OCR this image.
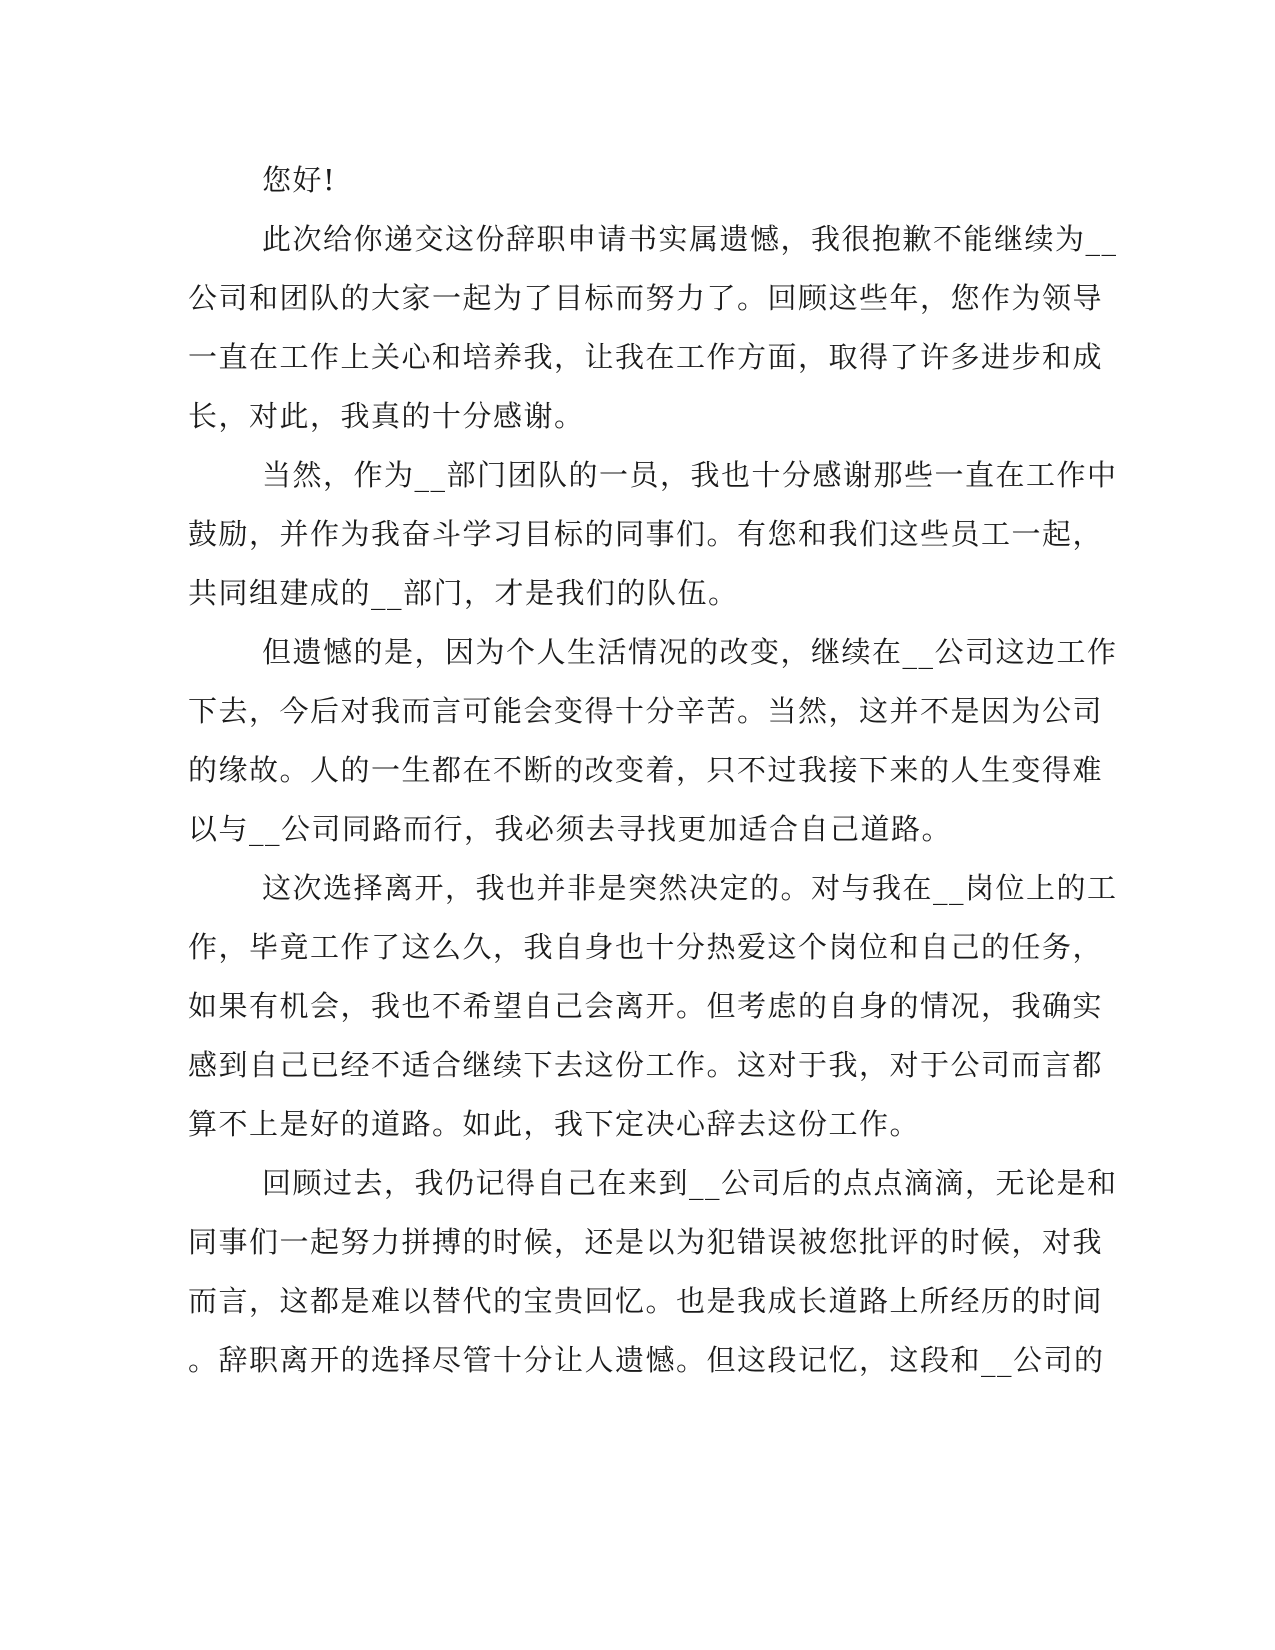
您好!
此次给你递交这份辞职申请书实属遗憾，我很抱歉不能继续为__
公司和团队的大家一起为了目标而努力了。回顾这些年，您作为领导
一直在工作上关心和培养我，让我在工作方面，取得了许多进步和成
长，对此，我真的十分感谢。
当然，作为__部门团队的一员，我也十分感谢那些一直在工作中
鼓励，并作为我奋斗学习目标的同事们。有您和我们这些员工一起，
共同组建成的__部门，才是我们的队伍。
但遗憾的是，因为个人生活情况的改变，继续在__公司这边工作
下去，今后对我而言可能会变得十分辛苦。当然，这并不是因为公司
的缘故。人的一生都在不断的改变着，只不过我接下来的人生变得难
以与__公司同路而行，我必须去寻找更加适合自己道路。
这次选择离开，我也并非是突然决定的。对与我在__岗位上的工
作，毕竟工作了这么久，我自身也十分热爱这个岗位和自己的任务，
如果有机会，我也不希望自己会离开。但考虑的自身的情况，我确实
感到自己已经不适合继续下去这份工作。这对于我，对于公司而言都
算不上是好的道路。如此，我下定决心辞去这份工作。
回顾过去，我仍记得自己在来到__公司后的点点滴滴，无论是和
同事们一起努力拼搏的时候，还是以为犯错误被您批评的时候，对我
而言，这都是难以替代的宝贵回忆。也是我成长道路上所经历的时间
。辞职离开的选择尽管十分让人遗憾。但这段记忆，这段和__公司的
